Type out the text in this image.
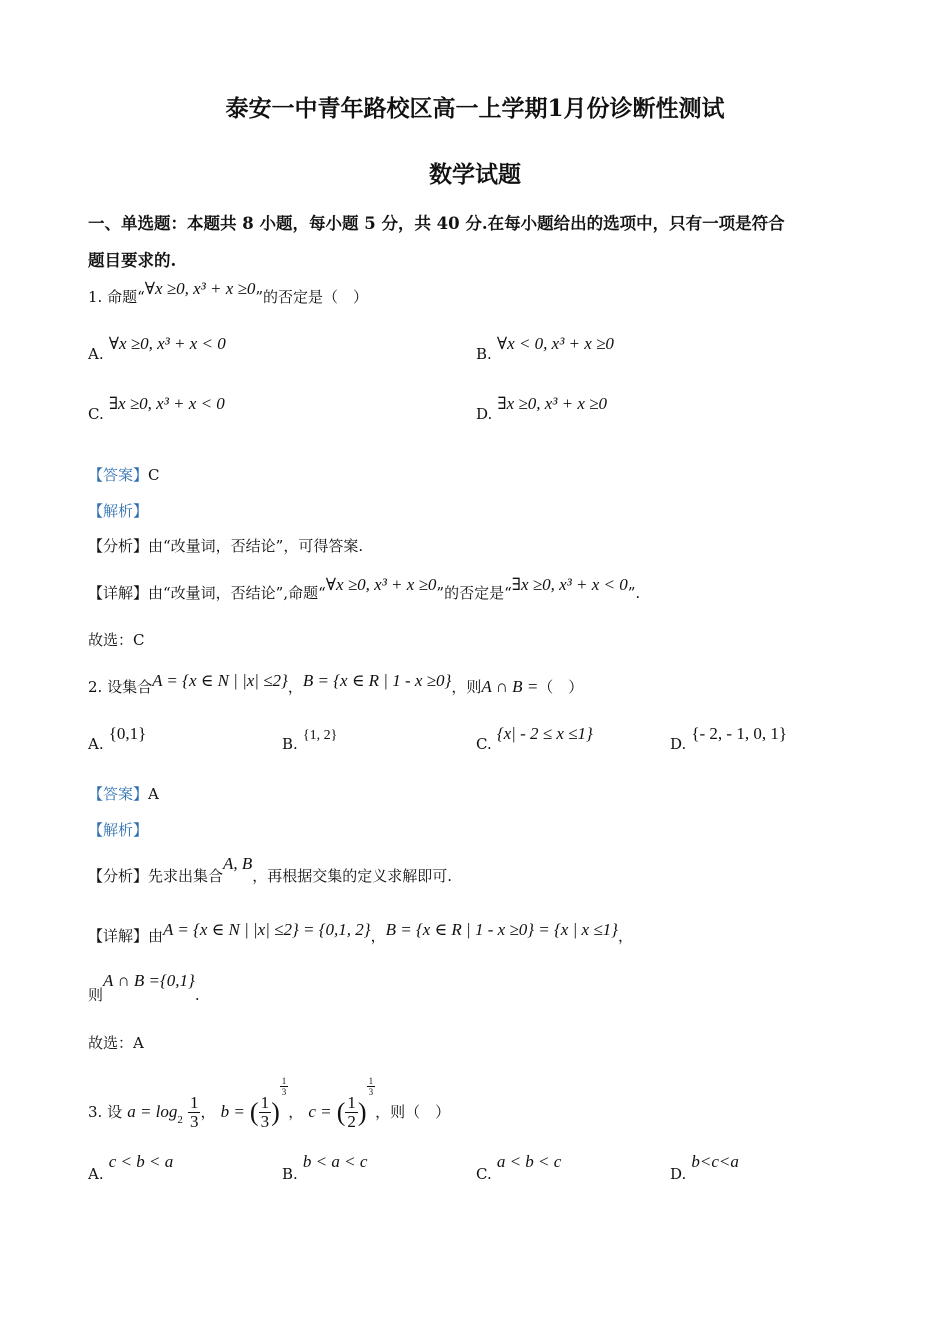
泰安一中青年路校区高一上学期1月份诊断性测试
数学试题
一、单选题：本题共 8 小题，每小题 5 分，共 40 分.在每小题给出的选项中，只有一项是符合
题目要求的.
1. 命题“∀x ≥0, x³ + x ≥0”的否定是（　）
A. ∀x ≥0, x³ + x < 0
B. ∀x < 0, x³ + x ≥0
C. ∃x ≥0, x³ + x < 0
D. ∃x ≥0, x³ + x ≥0
【答案】C
【解析】
【分析】由“改量词，否结论”，可得答案.
【详解】由“改量词，否结论”,命题“∀x ≥0, x³ + x ≥0”的否定是“∃x ≥0, x³ + x < 0”.
故选：C
2. 设集合A = {x ∈ N | |x| ≤2}，B = {x ∈ R | 1 - x ≥0}，则A ∩ B =（　）
A. {0,1}
B. {1, 2}	C. {x| - 2 ≤ x ≤1}
D. {- 2, - 1, 0, 1}
【答案】A
【解析】
【分析】先求出集合A, B，再根据交集的定义求解即可.
【详解】由A = {x ∈ N | |x| ≤2} = {0,1, 2}，B = {x ∈ R | 1 - x ≥0} = {x | x ≤1}，
则A ∩ B ={0,1}.
故选：A
3. 设 $a = \log_2 \frac{1}{3}$ ， b = ( $\frac{1}{3}$ )
$\frac{1}{3}$
， c = ( $\frac{1}{2}$ )
$\frac{1}{3}$
，则（　）
A. c < b < a
B. b < a < c
C. a < b < c
D. b<c<a
